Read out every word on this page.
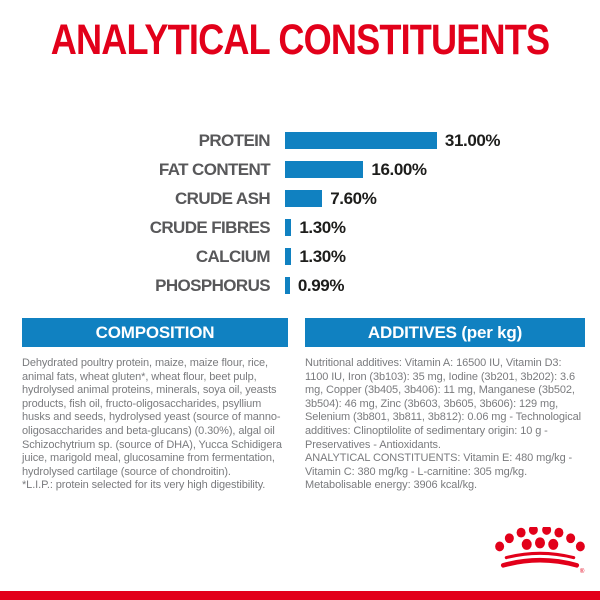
ANALYTICAL CONSTITUENTS
PROTEIN	31.00%
FAT CONTENT	16.00%
CRUDE ASH	7.60%
CRUDE FIBRES	1.30%
CALCIUM	1.30%
PHOSPHORUS	0.99%
COMPOSITION

Dehydrated poultry protein, maize, maize flour, rice, animal fats, wheat gluten*, wheat flour, beet pulp, hydrolysed animal proteins, minerals, soya oil, yeasts products, fish oil, fructo-oligosaccharides, psyllium husks and seeds, hydrolysed yeast (source of manno-oligosaccharides and beta-glucans) (0.30%), algal oil Schizochytrium sp. (source of DHA), Yucca Schidigera juice, marigold meal, glucosamine from fermentation, hydrolysed cartilage (source of chondroitin).

*L.I.P.: protein selected for its very high digestibility.

ADDITIVES (per kg)

Nutritional additives: Vitamin A: 16500 IU, Vitamin D3: 1100 IU, Iron (3b103): 35 mg, Iodine (3b201, 3b202): 3.6 mg, Copper (3b405, 3b406): 11 mg, Manganese (3b502, 3b504): 46 mg, Zinc (3b603, 3b605, 3b606): 129 mg, Selenium (3b801, 3b811, 3b812): 0.06 mg - Technological additives: Clinoptilolite of sedimentary origin: 10 g - Preservatives - Antioxidants.

ANALYTICAL CONSTITUENTS: Vitamin E: 480 mg/kg - Vitamin C: 380 mg/kg - L-carnitine: 305 mg/kg.

Metabolisable energy: 3906 kcal/kg.

®
